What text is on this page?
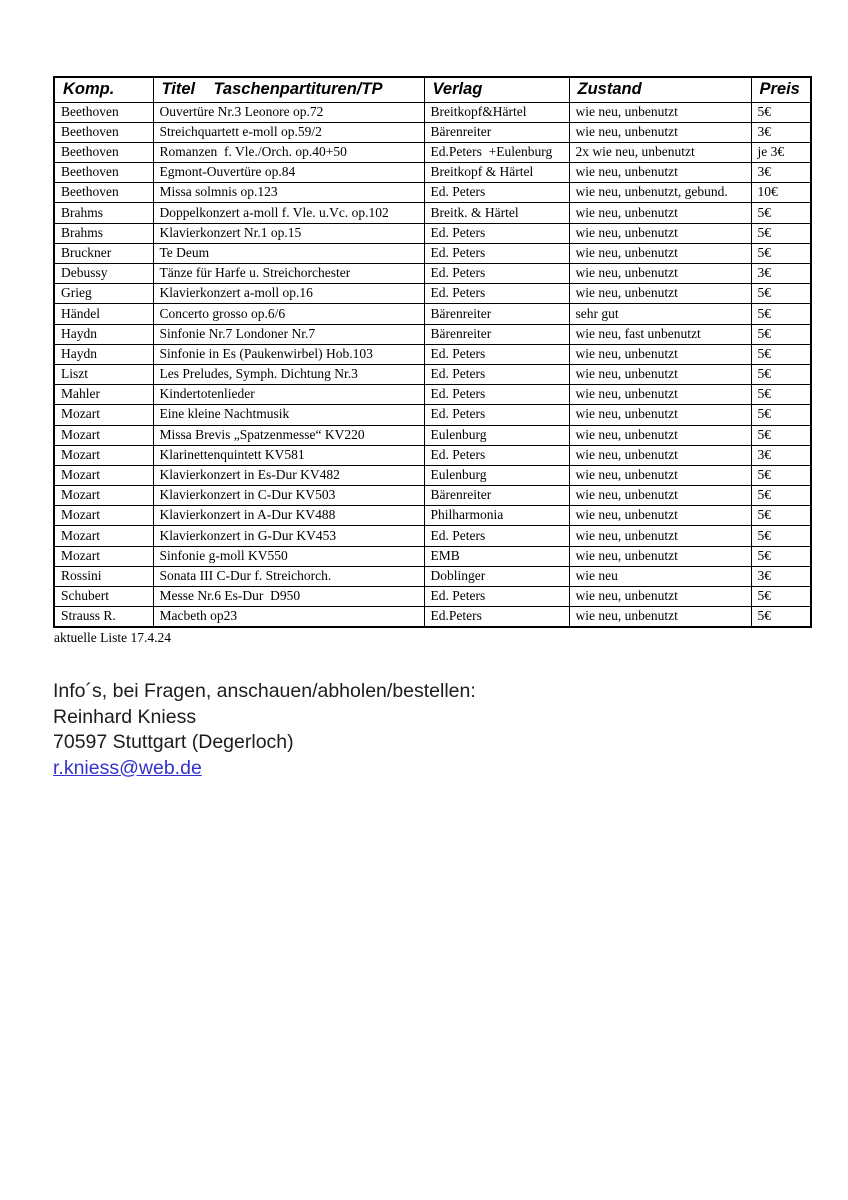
Komp.	Titel    Taschenpartituren/TP	Verlag	Zustand	Preis
Beethoven	Ouvertüre Nr.3 Leonore op.72	Breitkopf&Härtel	wie neu, unbenutzt	5€
Beethoven	Streichquartett e-moll op.59/2	Bärenreiter	wie neu, unbenutzt	3€
Beethoven	Romanzen  f. Vle./Orch. op.40+50	Ed.Peters  +Eulenburg	2x wie neu, unbenutzt	je 3€
Beethoven	Egmont-Ouvertüre op.84	Breitkopf & Härtel	wie neu, unbenutzt	3€
Beethoven	Missa solmnis op.123	Ed. Peters	wie neu, unbenutzt, gebund.	10€
Brahms	Doppelkonzert a-moll f. Vle. u.Vc. op.102	Breitk. & Härtel	wie neu, unbenutzt	5€
Brahms	Klavierkonzert Nr.1 op.15	Ed. Peters	wie neu, unbenutzt	5€
Bruckner	Te Deum	Ed. Peters	wie neu, unbenutzt	5€
Debussy	Tänze für Harfe u. Streichorchester	Ed. Peters	wie neu, unbenutzt	3€
Grieg	Klavierkonzert a-moll op.16	Ed. Peters	wie neu, unbenutzt	5€
Händel	Concerto grosso op.6/6	Bärenreiter	sehr gut	5€
Haydn	Sinfonie Nr.7 Londoner Nr.7	Bärenreiter	wie neu, fast unbenutzt	5€
Haydn	Sinfonie in Es (Paukenwirbel) Hob.103	Ed. Peters	wie neu, unbenutzt	5€
Liszt	Les Preludes, Symph. Dichtung Nr.3	Ed. Peters	wie neu, unbenutzt	5€
Mahler	Kindertotenlieder	Ed. Peters	wie neu, unbenutzt	5€
Mozart	Eine kleine Nachtmusik	Ed. Peters	wie neu, unbenutzt	5€
Mozart	Missa Brevis „Spatzenmesse“ KV220	Eulenburg	wie neu, unbenutzt	5€
Mozart	Klarinettenquintett KV581	Ed. Peters	wie neu, unbenutzt	3€
Mozart	Klavierkonzert in Es-Dur KV482	Eulenburg	wie neu, unbenutzt	5€
Mozart	Klavierkonzert in C-Dur KV503	Bärenreiter	wie neu, unbenutzt	5€
Mozart	Klavierkonzert in A-Dur KV488	Philharmonia	wie neu, unbenutzt	5€
Mozart	Klavierkonzert in G-Dur KV453	Ed. Peters	wie neu, unbenutzt	5€
Mozart	Sinfonie g-moll KV550	EMB	wie neu, unbenutzt	5€
Rossini	Sonata III C-Dur f. Streichorch.	Doblinger	wie neu	3€
Schubert	Messe Nr.6 Es-Dur  D950	Ed. Peters	wie neu, unbenutzt	5€
Strauss R.	Macbeth op23	Ed.Peters	wie neu, unbenutzt	5€
aktuelle Liste 17.4.24
Info´s, bei Fragen, anschauen/abholen/bestellen:
Reinhard Kniess
70597 Stuttgart (Degerloch)
r.kniess@web.de
